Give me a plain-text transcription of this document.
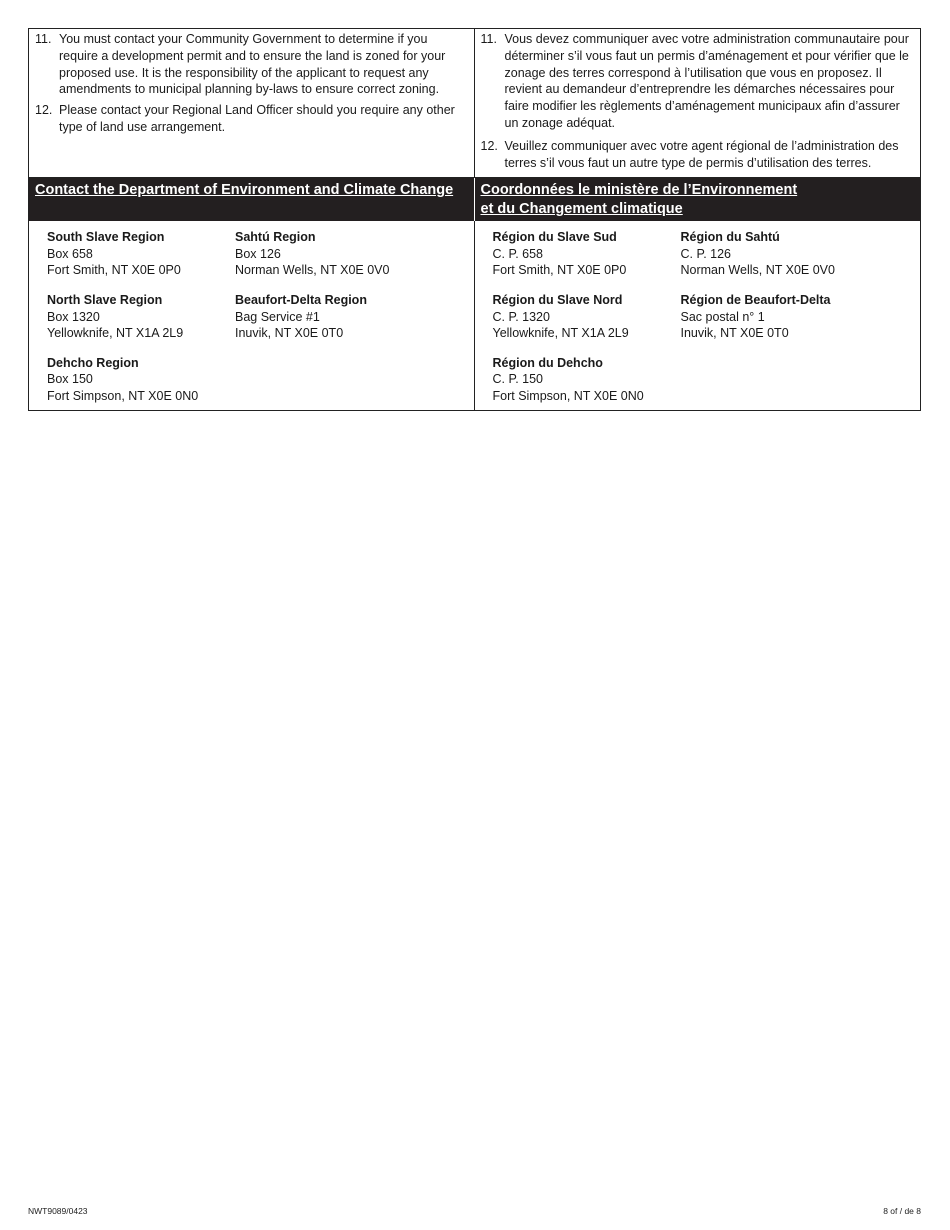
11. You must contact your Community Government to determine if you require a development permit and to ensure the land is zoned for your proposed use. It is the responsibility of the applicant to request any amendments to municipal planning by-laws to ensure correct zoning.
12. Please contact your Regional Land Officer should you require any other type of land use arrangement.
11. Vous devez communiquer avec votre administration communautaire pour déterminer s’il vous faut un permis d’aménagement et pour vérifier que le zonage des terres correspond à l’utilisation que vous en proposez. Il revient au demandeur d’entreprendre les démarches nécessaires pour faire modifier les règlements d’aménagement municipaux afin d’assurer un zonage adéquat.
12. Veuillez communiquer avec votre agent régional de l’administration des terres s’il vous faut un autre type de permis d’utilisation des terres.
Contact the Department of Environment and Climate Change	Coordonnées le ministère de l’Environnement
et du Changement climatique
South Slave Region
Box 658
Fort Smith, NT X0E 0P0
Sahtú Region
Box 126
Norman Wells, NT X0E 0V0
North Slave Region
Box 1320
Yellowknife, NT X1A 2L9
Beaufort-Delta Region
Bag Service #1
Inuvik, NT X0E 0T0
Dehcho Region
Box 150
Fort Simpson, NT X0E 0N0
Région du Slave Sud
C. P. 658
Fort Smith, NT X0E 0P0
Région du Sahtú
C. P. 126
Norman Wells, NT X0E 0V0
Région du Slave Nord
C. P. 1320
Yellowknife, NT X1A 2L9
Région de Beaufort-Delta
Sac postal n° 1
Inuvik, NT X0E 0T0
Région du Dehcho
C. P. 150
Fort Simpson, NT X0E 0N0
NWT9089/0423	8 of / de 8
